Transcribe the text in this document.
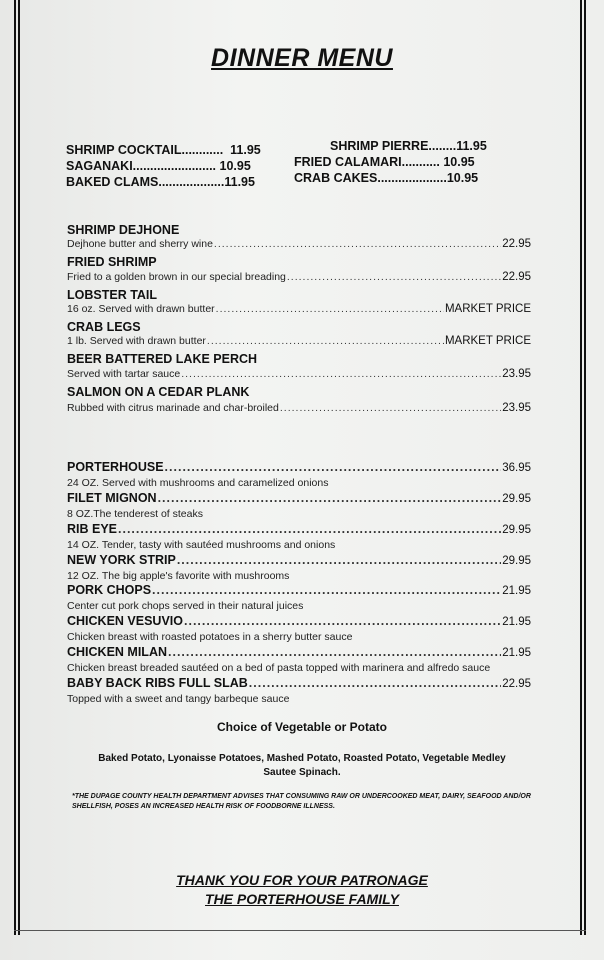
DINNER MENU
SHRIMP COCKTAIL............ 11.95
SAGANAKI........................ 10.95
BAKED CLAMS...................11.95
SHRIMP PIERRE........11.95
FRIED CALAMARI........... 10.95
CRAB CAKES....................10.95
SHRIMP DEJHONE
Dejhone butter and sherry wine .....	22.95
FRIED SHRIMP
Fried to a golden brown in our special breading .....	22.95
LOBSTER TAIL
16 oz. Served with drawn butter .....	MARKET PRICE
CRAB LEGS
1 lb. Served with drawn butter .....	MARKET PRICE
BEER BATTERED LAKE PERCH
Served with tartar sauce .....	23.95
SALMON ON A CEDAR PLANK
Rubbed with citrus marinade and char-broiled .....	23.95
PORTERHOUSE .....	36.95
24 OZ. Served with mushrooms and caramelized onions
FILET MIGNON .....	29.95
8 OZ.The tenderest of steaks
RIB EYE .....	29.95
14 OZ. Tender, tasty with sautéed mushrooms and onions
NEW YORK STRIP .....	29.95
12 OZ. The big apple's favorite with mushrooms
PORK CHOPS .....	21.95
Center cut pork chops served in their natural juices
CHICKEN VESUVIO .....	21.95
Chicken breast with roasted potatoes in a sherry butter sauce
CHICKEN MILAN .....	21.95
Chicken breast breaded sautéed on a bed of pasta topped with marinera and alfredo sauce
BABY BACK RIBS FULL SLAB .....	22.95
Topped with a sweet and tangy barbeque sauce
Choice of Vegetable or Potato
Baked Potato, Lyonaisse Potatoes, Mashed Potato, Roasted Potato, Vegetable Medley
Sautee Spinach.
*THE DUPAGE COUNTY HEALTH DEPARTMENT ADVISES THAT CONSUMING RAW OR UNDERCOOKED MEAT, DAIRY, SEAFOOD AND/OR SHELLFISH, POSES AN INCREASED HEALTH RISK OF FOODBORNE ILLNESS.
THANK YOU FOR YOUR PATRONAGE
THE PORTERHOUSE FAMILY
